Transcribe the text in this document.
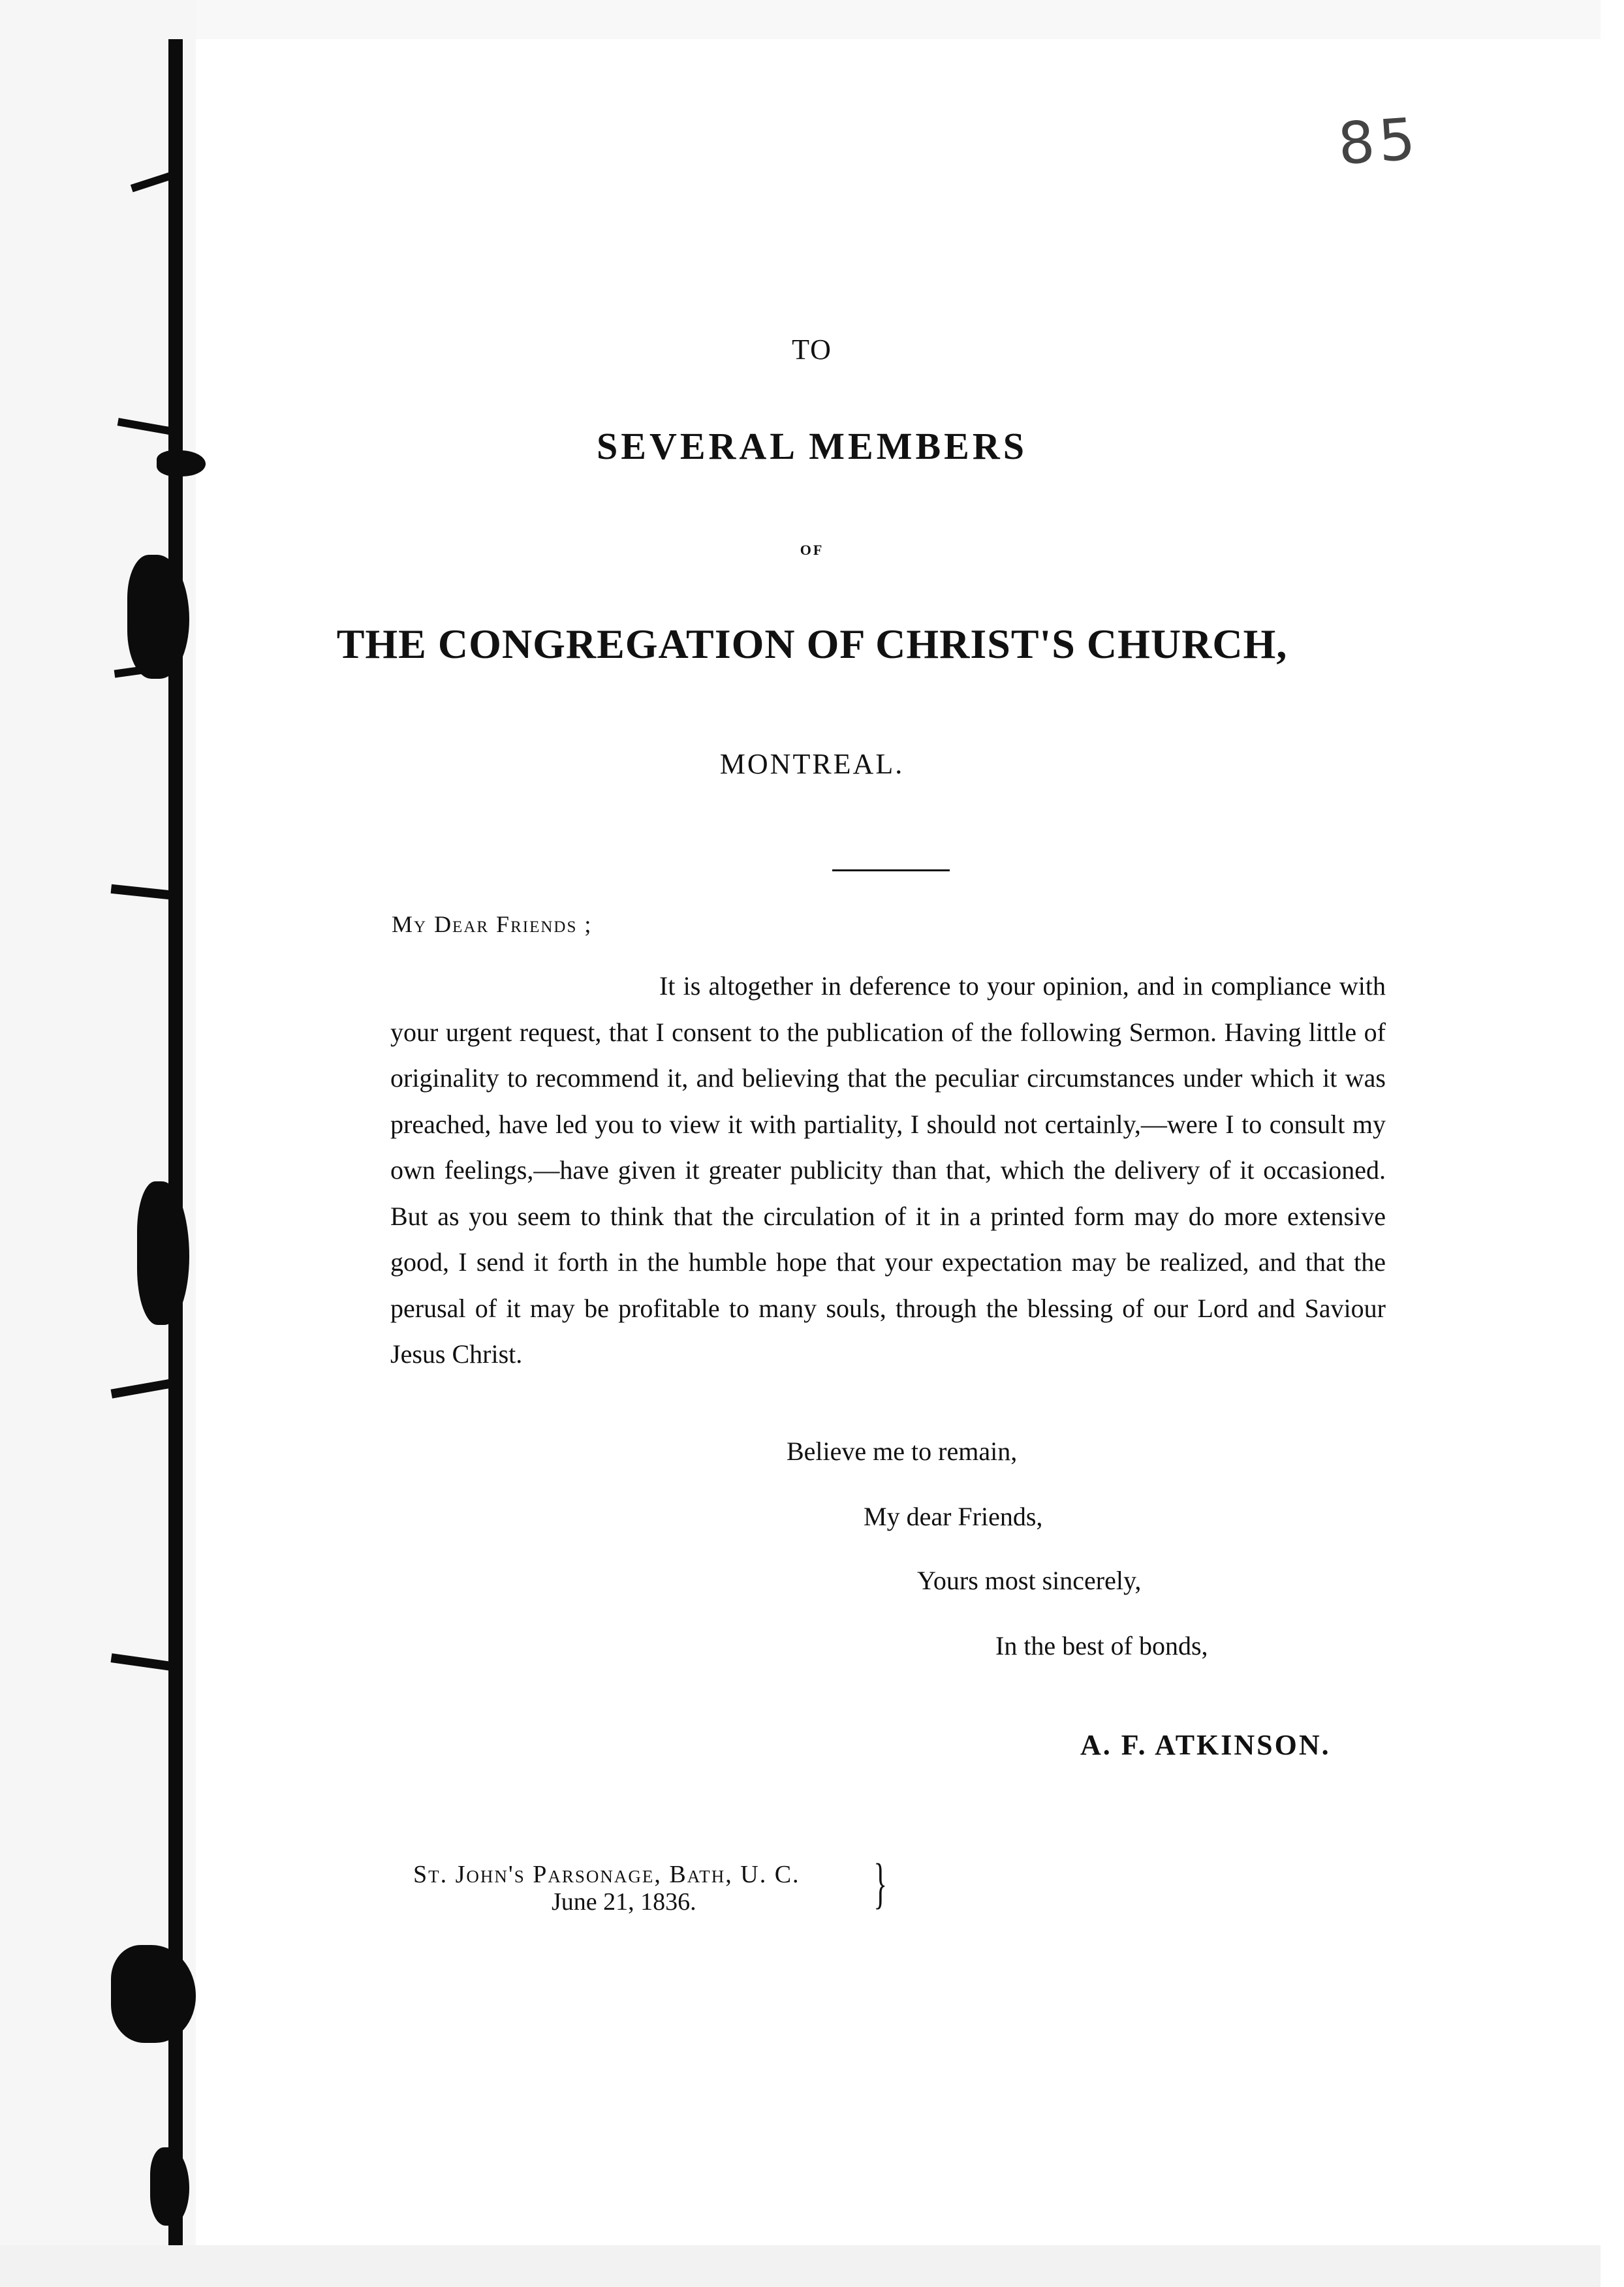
85
TO
SEVERAL MEMBERS
OF
THE CONGREGATION OF CHRIST'S CHURCH,
MONTREAL.
My Dear Friends ;
It is altogether in deference to your opinion, and in compliance with your urgent request, that I consent to the publication of the following Sermon. Having little of originality to recommend it, and believing that the peculiar circumstances under which it was preached, have led you to view it with partiality, I should not certainly,—were I to consult my own feelings,—have given it greater publicity than that, which the delivery of it occasioned. But as you seem to think that the circulation of it in a printed form may do more extensive good, I send it forth in the humble hope that your expectation may be realized, and that the perusal of it may be profitable to many souls, through the blessing of our Lord and Saviour Jesus Christ.
Believe me to remain,
My dear Friends,
Yours most sincerely,
In the best of bonds,
A. F. ATKINSON.
St. John's Parsonage, Bath, U. C.
June 21, 1836.	}
